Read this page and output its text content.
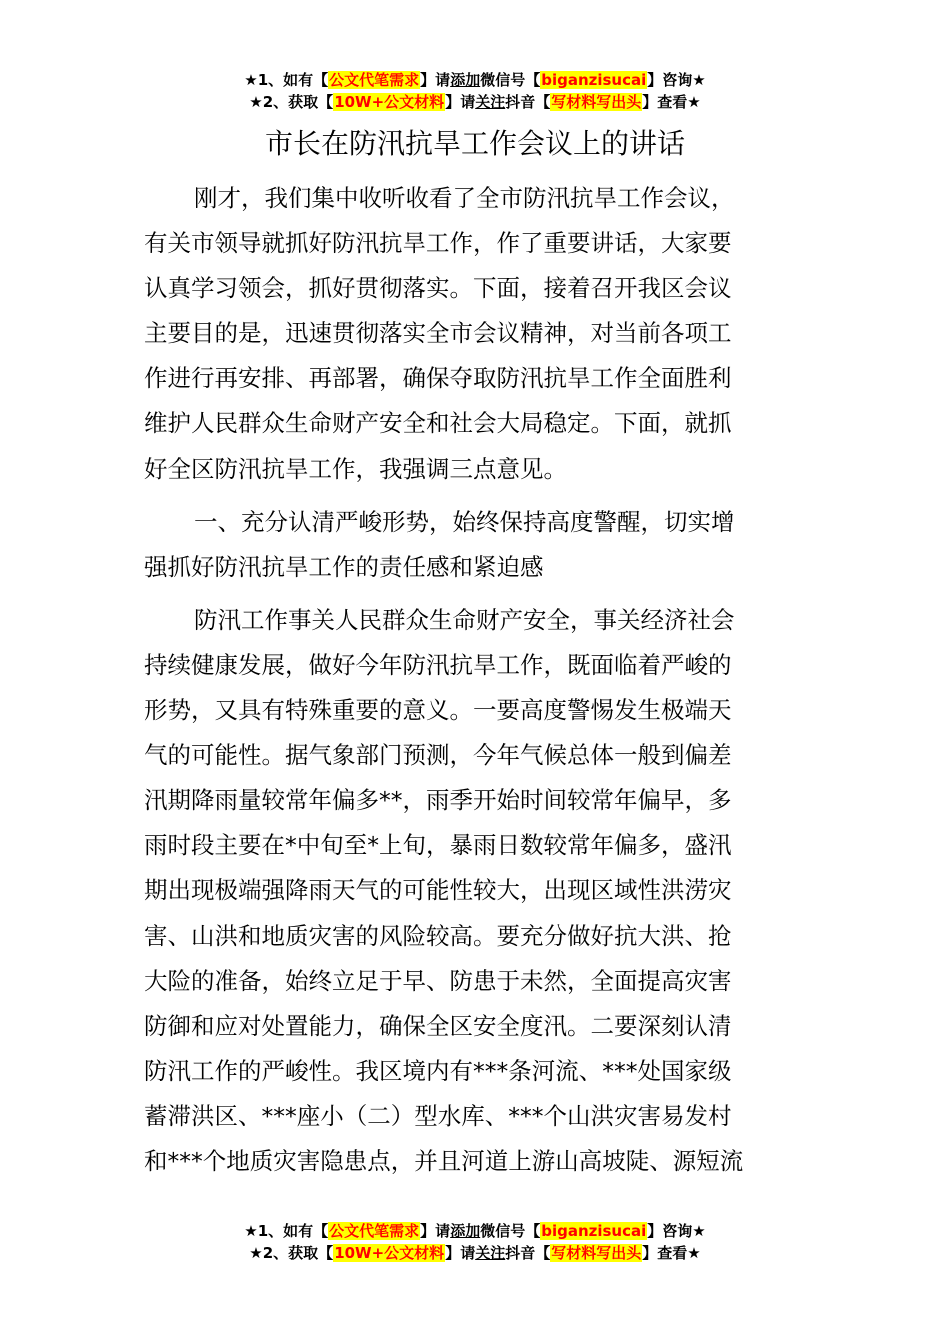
★1、如有【公文代笔需求】请添加微信号【biganzisucai】咨询★
★2、获取【10W+公文材料】请关注抖音【写材料写出头】查看★
市长在防汛抗旱工作会议上的讲话
刚才，我们集中收听收看了全市防汛抗旱工作会议，
有关市领导就抓好防汛抗旱工作，作了重要讲话，大家要
认真学习领会，抓好贯彻落实。下面，接着召开我区会议
主要目的是，迅速贯彻落实全市会议精神，对当前各项工
作进行再安排、再部署，确保夺取防汛抗旱工作全面胜利
维护人民群众生命财产安全和社会大局稳定。下面，就抓
好全区防汛抗旱工作，我强调三点意见。
一、充分认清严峻形势，始终保持高度警醒，切实增
强抓好防汛抗旱工作的责任感和紧迫感
防汛工作事关人民群众生命财产安全，事关经济社会
持续健康发展，做好今年防汛抗旱工作，既面临着严峻的
形势，又具有特殊重要的意义。一要高度警惕发生极端天
气的可能性。据气象部门预测，今年气候总体一般到偏差
汛期降雨量较常年偏多**，雨季开始时间较常年偏早，多
雨时段主要在*中旬至*上旬，暴雨日数较常年偏多，盛汛
期出现极端强降雨天气的可能性较大，出现区域性洪涝灾
害、山洪和地质灾害的风险较高。要充分做好抗大洪、抢
大险的准备，始终立足于早、防患于未然，全面提高灾害
防御和应对处置能力，确保全区安全度汛。二要深刻认清
防汛工作的严峻性。我区境内有***条河流、***处国家级
蓄滞洪区、***座小（二）型水库、***个山洪灾害易发村
和***个地质灾害隐患点，并且河道上游山高坡陡、源短流
★1、如有【公文代笔需求】请添加微信号【biganzisucai】咨询★
★2、获取【10W+公文材料】请关注抖音【写材料写出头】查看★
